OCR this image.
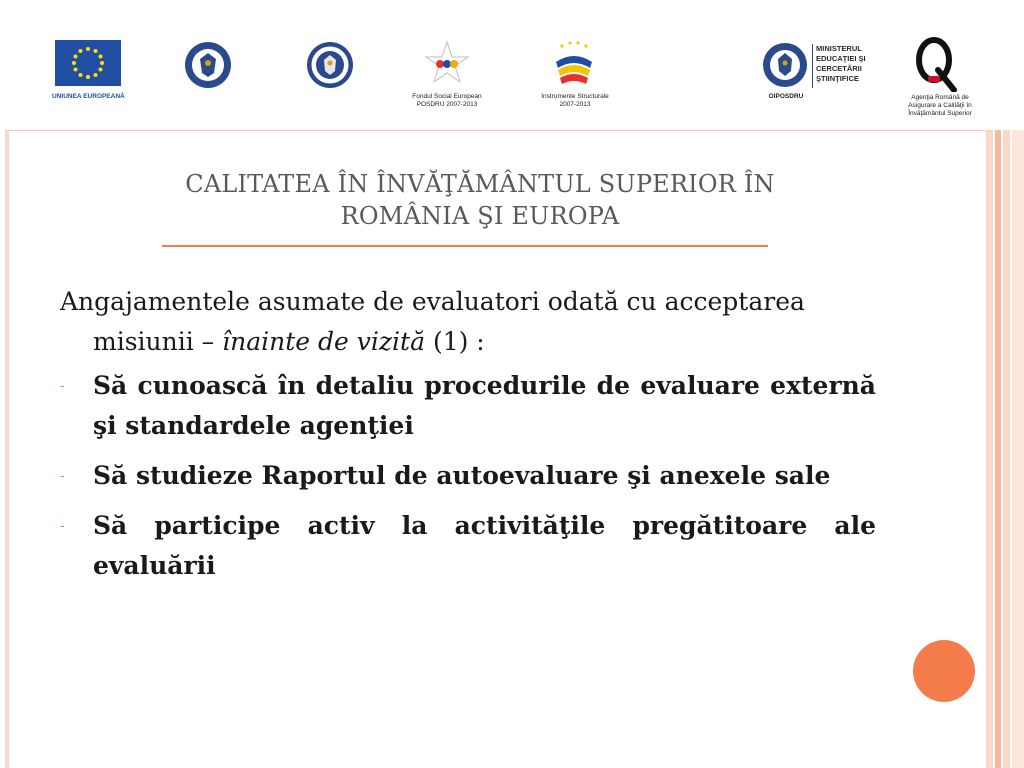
UNIUNEA EUROPEANĂ	Fondul Social European
POSDRU 2007-2013
Instrumente Structurale
2007-2013
MINISTERUL
EDUCAŢIEI ŞI
CERCETĂRII
ŞTIINŢIFICE
OIPOSDRU	Agenţia Română de
Asigurare a Calităţii în
Învăţământul Superior
CALITATEA ÎN ÎNVĂŢĂMÂNTUL SUPERIOR ÎN
ROMÂNIA ŞI EUROPA
Angajamentele asumate de evaluatori odată cu acceptarea misiunii – înainte de vizită (1) :
- Să cunoască în detaliu procedurile de evaluare externă şi standardele agenţiei
- Să studieze Raportul de autoevaluare şi anexele sale
- Să participe activ la activităţile pregătitoare ale evaluării
